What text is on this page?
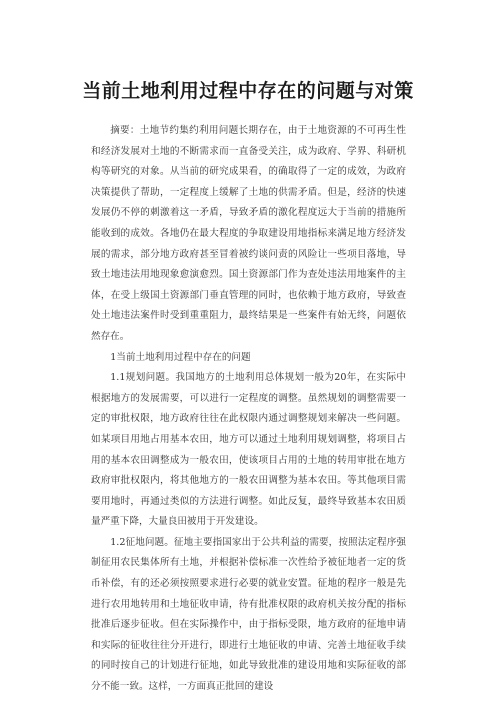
当前土地利用过程中存在的问题与对策

摘要：土地节约集约利用问题长期存在，由于土地资源的不可再生性和经济发展对土地的不断需求而一直备受关注，成为政府、学界、科研机构等研究的对象。从当前的研究成果看，的确取得了一定的成效，为政府决策提供了帮助，一定程度上缓解了土地的供需矛盾。但是，经济的快速发展仍不停的刺激着这一矛盾，导致矛盾的激化程度远大于当前的措施所能收到的成效。各地仍在最大程度的争取建设用地指标来满足地方经济发展的需求，部分地方政府甚至冒着被约谈问责的风险让一些项目落地，导致土地违法用地现象愈演愈烈。国土资源部门作为查处违法用地案件的主体，在受上级国土资源部门垂直管理的同时，也依赖于地方政府，导致查处土地违法案件时受到重重阻力，最终结果是一些案件有始无终，问题依然存在。

1当前土地利用过程中存在的问题

1.1规划问题。我国地方的土地利用总体规划一般为20年，在实际中根据地方的发展需要，可以进行一定程度的调整。虽然规划的调整需要一定的审批权限，地方政府往往在此权限内通过调整规划来解决一些问题。如某项目用地占用基本农田，地方可以通过土地利用规划调整，将项目占用的基本农田调整成为一般农田，使该项目占用的土地的转用审批在地方政府审批权限内，将其他地方的一般农田调整为基本农田。等其他项目需要用地时，再通过类似的方法进行调整。如此反复，最终导致基本农田质量严重下降，大量良田被用于开发建设。

1.2征地问题。征地主要指国家出于公共利益的需要，按照法定程序强制征用农民集体所有土地，并根据补偿标准一次性给予被征地者一定的货币补偿，有的还必须按照要求进行必要的就业安置。征地的程序一般是先进行农用地转用和土地征收申请，待有批准权限的政府机关按分配的指标批准后逐步征收。但在实际操作中，由于指标受限，地方政府的征地申请和实际的征收往往分开进行，即进行土地征收的申请、完善土地征收手续的同时按自己的计划进行征地，如此导致批准的建设用地和实际征收的部分不能一致。这样，一方面真正批回的建设
